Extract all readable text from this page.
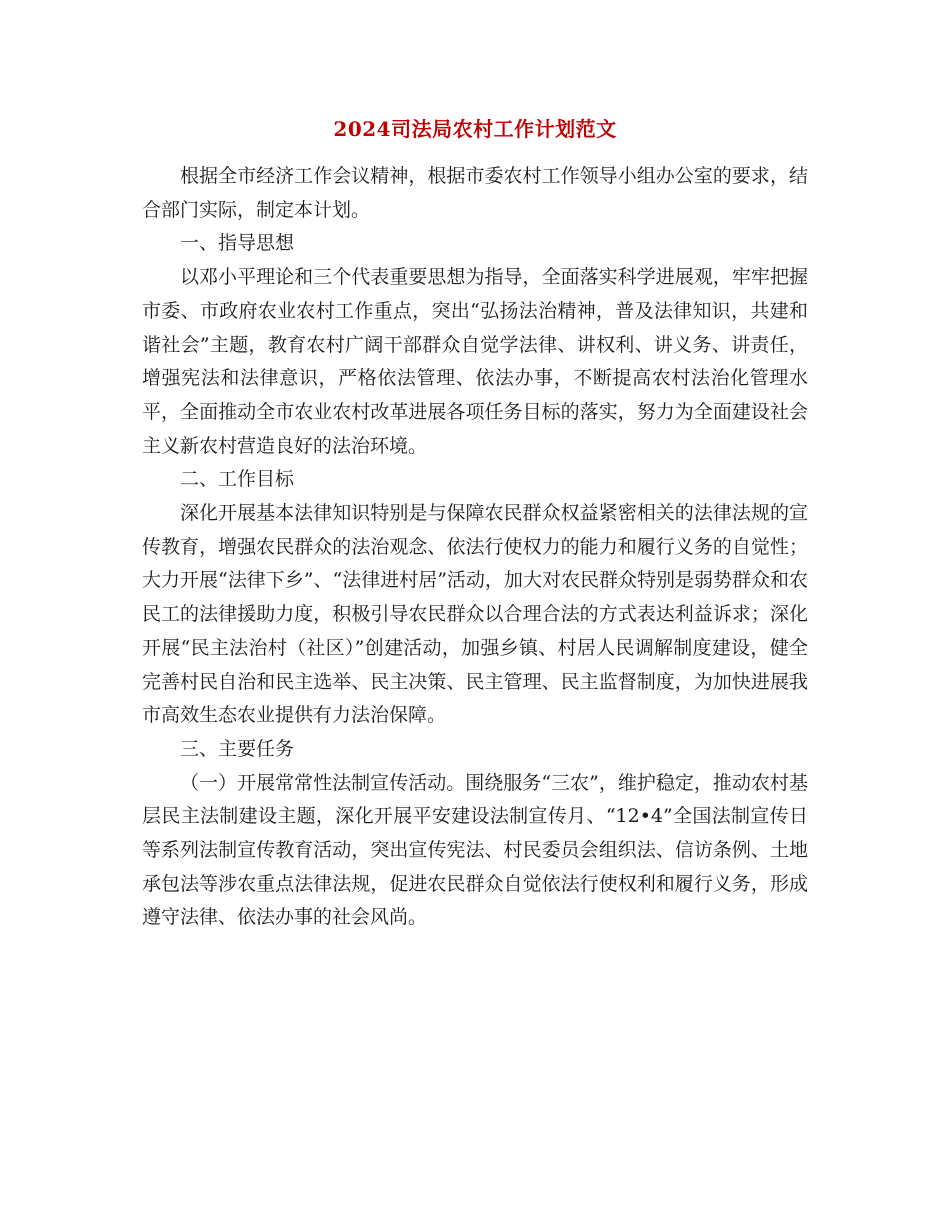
2024司法局农村工作计划范文

根据全市经济工作会议精神，根据市委农村工作领导小组办公室的要求，结合部门实际，制定本计划。

一、指导思想

以邓小平理论和三个代表重要思想为指导，全面落实科学进展观，牢牢把握市委、市政府农业农村工作重点，突出“弘扬法治精神，普及法律知识，共建和谐社会”主题，教育农村广阔干部群众自觉学法律、讲权利、讲义务、讲责任，增强宪法和法律意识，严格依法管理、依法办事，不断提高农村法治化管理水平，全面推动全市农业农村改革进展各项任务目标的落实，努力为全面建设社会主义新农村营造良好的法治环境。

二、工作目标

深化开展基本法律知识特别是与保障农民群众权益紧密相关的法律法规的宣传教育，增强农民群众的法治观念、依法行使权力的能力和履行义务的自觉性；大力开展“法律下乡”、“法律进村居”活动，加大对农民群众特别是弱势群众和农民工的法律援助力度，积极引导农民群众以合理合法的方式表达利益诉求；深化开展“民主法治村（社区）”创建活动，加强乡镇、村居人民调解制度建设，健全完善村民自治和民主选举、民主决策、民主管理、民主监督制度，为加快进展我市高效生态农业提供有力法治保障。

三、主要任务

（一）开展常常性法制宣传活动。围绕服务“三农”，维护稳定，推动农村基层民主法制建设主题，深化开展平安建设法制宣传月、“12•4”全国法制宣传日等系列法制宣传教育活动，突出宣传宪法、村民委员会组织法、信访条例、土地承包法等涉农重点法律法规，促进农民群众自觉依法行使权利和履行义务，形成遵守法律、依法办事的社会风尚。
